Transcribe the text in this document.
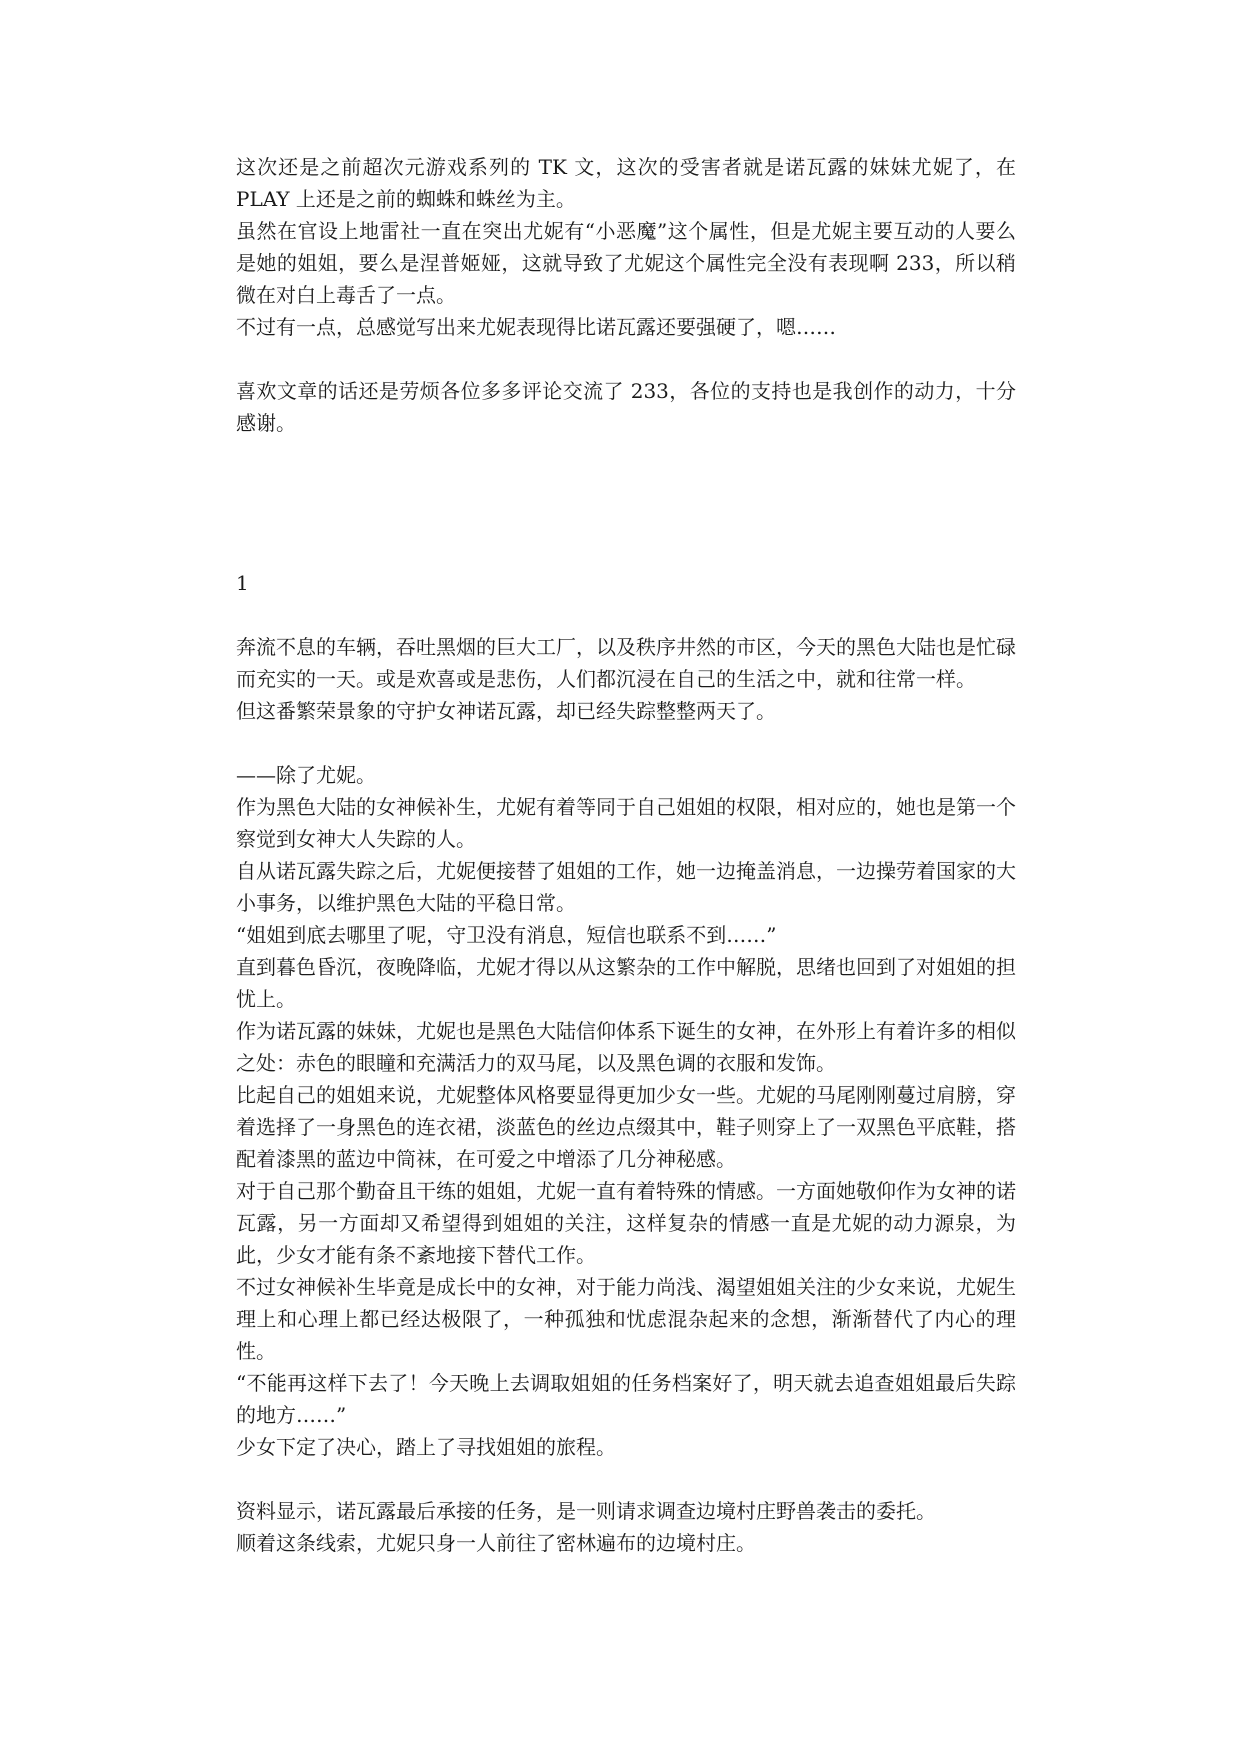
这次还是之前超次元游戏系列的 TK 文，这次的受害者就是诺瓦露的妹妹尤妮了，在 PLAY 上还是之前的蜘蛛和蛛丝为主。

虽然在官设上地雷社一直在突出尤妮有“小恶魔”这个属性，但是尤妮主要互动的人要么是她的姐姐，要么是涅普姬娅，这就导致了尤妮这个属性完全没有表现啊 233，所以稍微在对白上毒舌了一点。

不过有一点，总感觉写出来尤妮表现得比诺瓦露还要强硬了，嗯……

喜欢文章的话还是劳烦各位多多评论交流了 233，各位的支持也是我创作的动力，十分感谢。

1

奔流不息的车辆，吞吐黑烟的巨大工厂，以及秩序井然的市区，今天的黑色大陆也是忙碌而充实的一天。或是欢喜或是悲伤，人们都沉浸在自己的生活之中，就和往常一样。

但这番繁荣景象的守护女神诺瓦露，却已经失踪整整两天了。

——除了尤妮。

作为黑色大陆的女神候补生，尤妮有着等同于自己姐姐的权限，相对应的，她也是第一个察觉到女神大人失踪的人。

自从诺瓦露失踪之后，尤妮便接替了姐姐的工作，她一边掩盖消息，一边操劳着国家的大小事务，以维护黑色大陆的平稳日常。

“姐姐到底去哪里了呢，守卫没有消息，短信也联系不到……”

直到暮色昏沉，夜晚降临，尤妮才得以从这繁杂的工作中解脱，思绪也回到了对姐姐的担忧上。

作为诺瓦露的妹妹，尤妮也是黑色大陆信仰体系下诞生的女神，在外形上有着许多的相似之处：赤色的眼瞳和充满活力的双马尾，以及黑色调的衣服和发饰。

比起自己的姐姐来说，尤妮整体风格要显得更加少女一些。尤妮的马尾刚刚蔓过肩膀，穿着选择了一身黑色的连衣裙，淡蓝色的丝边点缀其中，鞋子则穿上了一双黑色平底鞋，搭配着漆黑的蓝边中筒袜，在可爱之中增添了几分神秘感。

对于自己那个勤奋且干练的姐姐，尤妮一直有着特殊的情感。一方面她敬仰作为女神的诺瓦露，另一方面却又希望得到姐姐的关注，这样复杂的情感一直是尤妮的动力源泉，为此，少女才能有条不紊地接下替代工作。

不过女神候补生毕竟是成长中的女神，对于能力尚浅、渴望姐姐关注的少女来说，尤妮生理上和心理上都已经达极限了，一种孤独和忧虑混杂起来的念想，渐渐替代了内心的理性。

“不能再这样下去了！今天晚上去调取姐姐的任务档案好了，明天就去追查姐姐最后失踪的地方……”

少女下定了决心，踏上了寻找姐姐的旅程。

资料显示，诺瓦露最后承接的任务，是一则请求调查边境村庄野兽袭击的委托。

顺着这条线索，尤妮只身一人前往了密林遍布的边境村庄。
